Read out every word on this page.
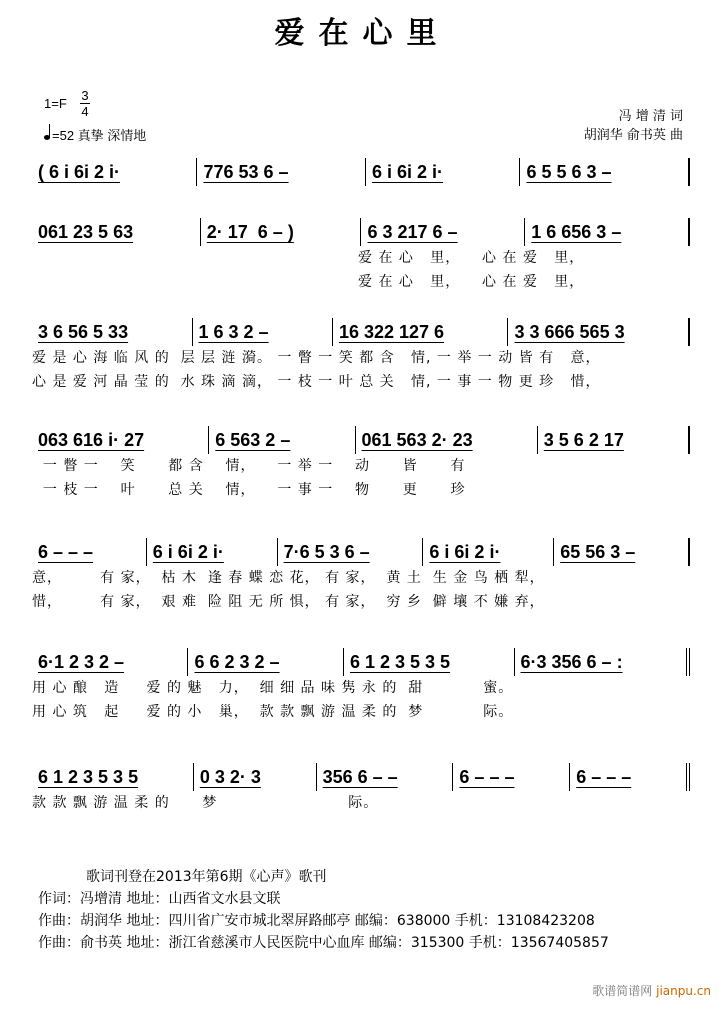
爱在心里
1=F
3
4
=52 真挚 深情地
冯 增 清 词
胡润华 俞书英 曲
( 6 i 6i 2 i·	776 53 6 –	6 i 6i 2 i·	6 5 5 6 3 –
061 23 5 63	2· 17  6 – )	6 3 217 6 –	1 6 656 3 –
爱 在 心   里，    心 在 爱   里，
爱 在 心   里，    心 在 爱   里，
3 6 56 5 33	1 6 3 2 –	16 322 127 6	3 3 666 565 3
爱 是 心 海 临 风 的  层 层 涟 漪。 一 瞥 一 笑 都 含   情, 一 举 一 动 皆 有   意，
心 是 爱 河 晶 莹 的  水 珠 滴 滴， 一 枝 一 叶 总 关   情, 一 事 一 物 更 珍   惜，
063 616 i· 27	6 563 2 –	061 563 2· 23	3 5 6 2 17
一 瞥 一    笑      都 含    情，    一 举 一    动      皆      有
一 枝 一    叶      总 关    情，    一 事 一    物      更      珍
6 – – –	6 i 6i 2 i·	7·6 5 3 6 –	6 i 6i 2 i·	65 56 3 –
意，       有 家，  枯 木  逢 春 蝶 恋 花， 有 家，  黄 土  生 金 鸟 栖 犁，
惜，       有 家，  艰 难  险 阻 无 所 惧， 有 家，  穷 乡  僻 壤 不 嫌 弃，
6·1 2 3 2 –	6 6 2 3 2 –	6 1 2 3 5 3 5	6·3 356 6 – :
用 心 酿   造     爱 的 魅   力，  细 细 品 味 隽 永 的  甜           蜜。
用 心 筑   起     爱 的 小   巢，  款 款 飘 游 温 柔 的  梦           际。
6 1 2 3 5 3 5	0 3 2· 3	356 6 – –	6 – – –	6 – – –
款 款 飘 游 温 柔 的      梦                        际。
歌词刊登在2013年第6期《心声》歌刊
作词：冯增清 地址：山西省文水县文联
作曲：胡润华 地址：四川省广安市城北翠屏路邮亭 邮编：638000 手机：13108423208
作曲：俞书英 地址：浙江省慈溪市人民医院中心血库 邮编：315300 手机：13567405857
歌谱简谱网 jianpu.cn
